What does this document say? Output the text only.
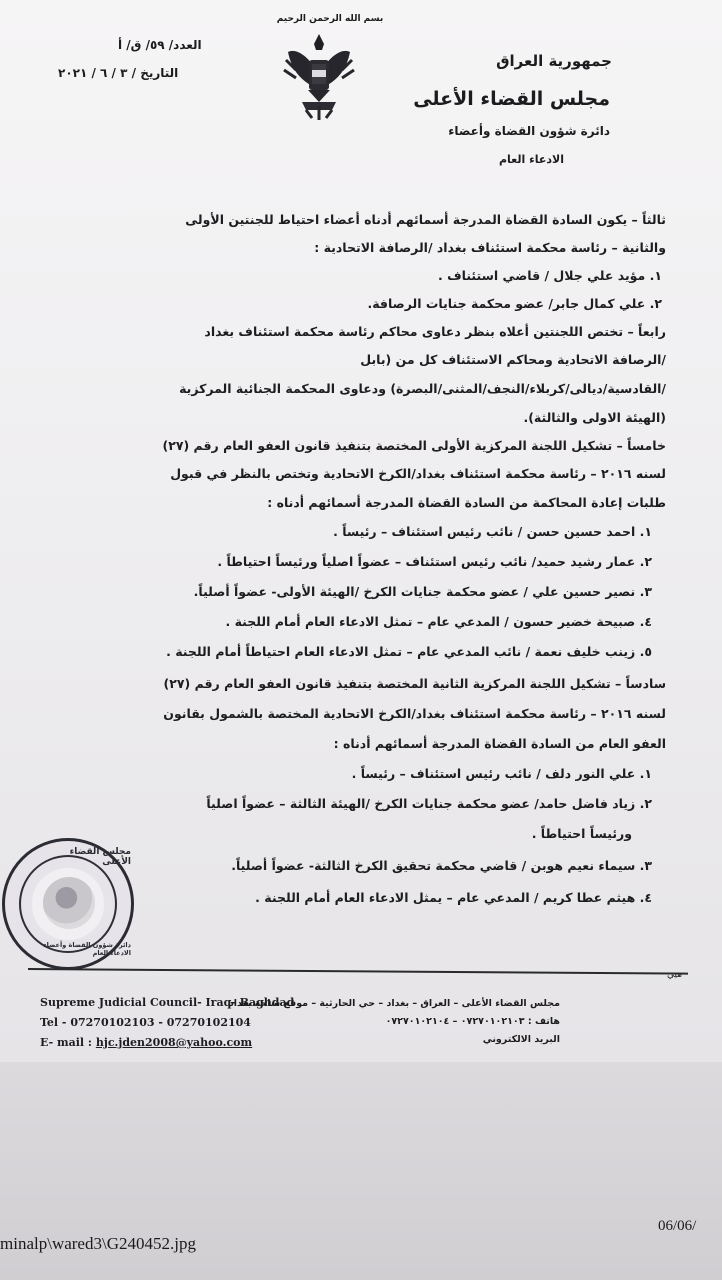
بسم الله الرحمن الرحيم
جمهورية العراق
مجلس القضاء الأعلى
دائرة شؤون القضاة وأعضاء
الادعاء العام
العدد/ ٥٩/ ق/ أ
التاريخ / ٣ / ٦ / ٢٠٢١
ثالثاً – يكون السادة القضاة المدرجة أسمائهم أدناه أعضاء احتياط للجنتين الأولى
والثانية – رئاسة محكمة استئناف بغداد /الرصافة الاتحادية :
١. مؤيد علي جلال / قاضي استئناف .
٢. علي كمال جابر/ عضو محكمة جنايات الرصافة.
رابعاً – تختص اللجنتين أعلاه بنظر دعاوى محاكم رئاسة محكمة استئناف بغداد
/الرصافة الاتحادية ومحاكم الاستئناف كل من (بابل
/القادسية/ديالى/كربلاء/النجف/المثنى/البصرة) ودعاوى المحكمة الجنائية المركزية
(الهيئة الاولى والثالثة).
خامساً – تشكيل اللجنة المركزية الأولى المختصة بتنفيذ قانون العفو العام رقم (٢٧)
لسنه ٢٠١٦ – رئاسة محكمة استئناف بغداد/الكرخ الاتحادية وتختص بالنظر في قبول
طلبات إعادة المحاكمة من السادة القضاة المدرجة أسمائهم أدناه :
١. احمد حسين حسن / نائب رئيس استئناف – رئيساً .
٢. عمار رشيد حميد/ نائب رئيس استئناف – عضواً اصلياً ورئيساً احتياطاً .
٣. نصير حسين علي / عضو محكمة جنايات الكرخ /الهيئة الأولى- عضواً أصلياً.
٤. صبيحة خضير حسون / المدعي عام – تمثل الادعاء العام أمام اللجنة .
٥. زينب خليف نعمة / نائب المدعي عام – تمثل الادعاء العام احتياطاً أمام اللجنة .
سادساً – تشكيل اللجنة المركزية الثانية المختصة بتنفيذ قانون العفو العام رقم (٢٧)
لسنه ٢٠١٦ – رئاسة محكمة استئناف بغداد/الكرخ الاتحادية المختصة بالشمول بقانون
العفو العام من السادة القضاة المدرجة أسمائهم أدناه :
١. علي النور دلف / نائب رئيس استئناف – رئيساً .
٢. زياد فاضل حامد/ عضو محكمة جنايات الكرخ /الهيئة الثالثة – عضواً اصلياً
ورئيساً احتياطاً .
٣. سيماء نعيم هوبن / قاضي محكمة تحقيق الكرخ الثالثة- عضواً أصلياً.
٤. هيثم عطا كريم / المدعي عام – يمثل الادعاء العام أمام اللجنة .
مجلس القضاء الأعلى
دائرة شؤون القضاة وأعضاء الادعاء العام
هيي
Supreme Judicial Council- Iraq- Baghdad
Tel - 07270102103 - 07270102104
E- mail : hjc.jden2008@yahoo.com
مجلس القضاء الأعلى – العراق – بغداد – حي الحارثية – موقع ساحة بغداد
هاتف : ٠٧٢٧٠١٠٢١٠٣ – ٠٧٢٧٠١٠٢١٠٤
البريد الالكتروني
06/06/
minalp\wared3\G240452.jpg
